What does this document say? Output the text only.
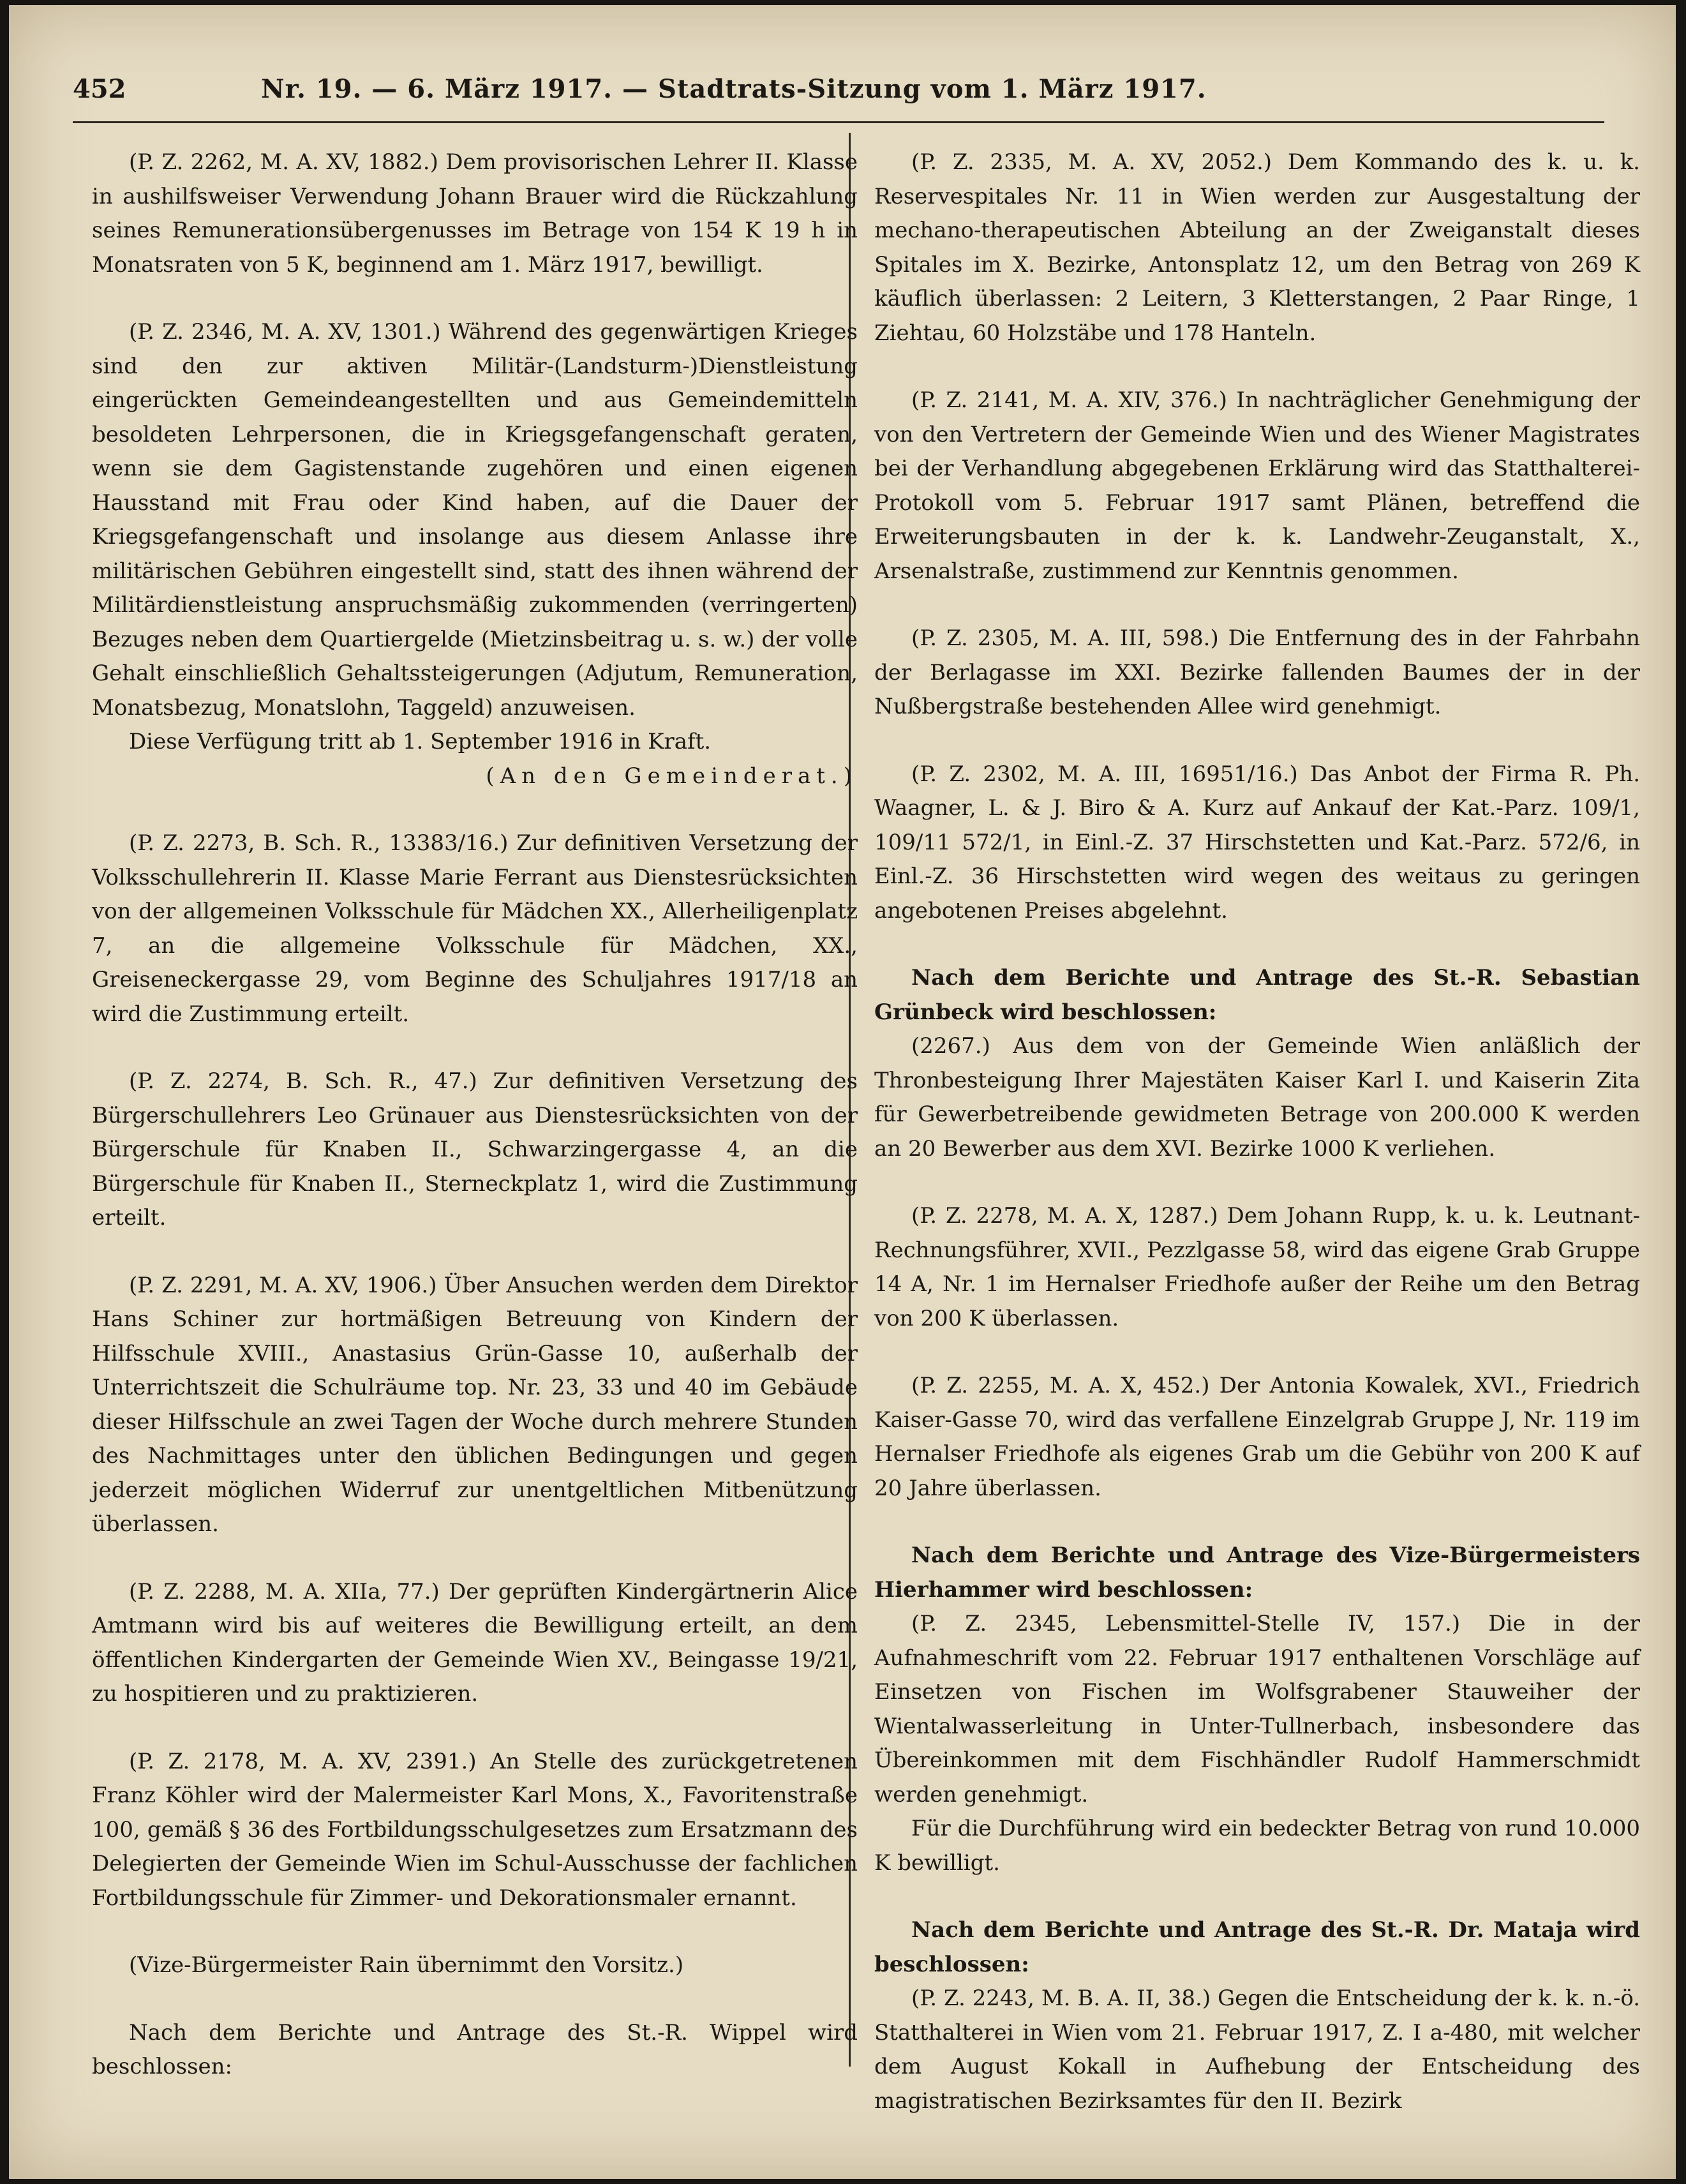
452	Nr. 19. — 6. März 1917. — Stadtrats-Sitzung vom 1. März 1917.

(P. Z. 2262, M. A. XV, 1882.) Dem provisorischen Lehrer II. Klasse in aushilfsweiser Verwendung Johann Brauer wird die Rückzahlung seines Remunerationsübergenusses im Betrage von 154 K 19 h in Monatsraten von 5 K, beginnend am 1. März 1917, bewilligt.

(P. Z. 2346, M. A. XV, 1301.) Während des gegenwärtigen Krieges sind den zur aktiven Militär-(Landsturm-)Dienstleistung eingerückten Gemeindeangestellten und aus Gemeindemitteln besoldeten Lehrpersonen, die in Kriegsgefangenschaft geraten, wenn sie dem Gagistenstande zugehören und einen eigenen Hausstand mit Frau oder Kind haben, auf die Dauer der Kriegsgefangenschaft und insolange aus diesem Anlasse ihre militärischen Gebühren eingestellt sind, statt des ihnen während der Militärdienstleistung anspruchsmäßig zukommenden (verringerten) Bezuges neben dem Quartiergelde (Mietzinsbeitrag u. s. w.) der volle Gehalt einschließlich Gehaltssteigerungen (Adjutum, Remuneration, Monatsbezug, Monatslohn, Taggeld) anzuweisen.

Diese Verfügung tritt ab 1. September 1916 in Kraft.

(An den Gemeinderat.)

(P. Z. 2273, B. Sch. R., 13383/16.) Zur definitiven Versetzung der Volksschullehrerin II. Klasse Marie Ferrant aus Dienstesrücksichten von der allgemeinen Volksschule für Mädchen XX., Allerheiligenplatz 7, an die allgemeine Volksschule für Mädchen, XX., Greiseneckergasse 29, vom Beginne des Schuljahres 1917/18 an wird die Zustimmung erteilt.

(P. Z. 2274, B. Sch. R., 47.) Zur definitiven Versetzung des Bürgerschullehrers Leo Grünauer aus Dienstesrücksichten von der Bürgerschule für Knaben II., Schwarzingergasse 4, an die Bürgerschule für Knaben II., Sterneckplatz 1, wird die Zustimmung erteilt.

(P. Z. 2291, M. A. XV, 1906.) Über Ansuchen werden dem Direktor Hans Schiner zur hortmäßigen Betreuung von Kindern der Hilfsschule XVIII., Anastasius Grün-Gasse 10, außerhalb der Unterrichtszeit die Schulräume top. Nr. 23, 33 und 40 im Gebäude dieser Hilfsschule an zwei Tagen der Woche durch mehrere Stunden des Nachmittages unter den üblichen Bedingungen und gegen jederzeit möglichen Widerruf zur unentgeltlichen Mitbenützung überlassen.

(P. Z. 2288, M. A. XIIa, 77.) Der geprüften Kindergärtnerin Alice Amtmann wird bis auf weiteres die Bewilligung erteilt, an dem öffentlichen Kindergarten der Gemeinde Wien XV., Beingasse 19/21, zu hospitieren und zu praktizieren.

(P. Z. 2178, M. A. XV, 2391.) An Stelle des zurückgetretenen Franz Köhler wird der Malermeister Karl Mons, X., Favoritenstraße 100, gemäß § 36 des Fortbildungsschulgesetzes zum Ersatzmann des Delegierten der Gemeinde Wien im Schul-Ausschusse der fachlichen Fortbildungsschule für Zimmer- und Dekorationsmaler ernannt.

(Vize-Bürgermeister Rain übernimmt den Vorsitz.)

Nach dem Berichte und Antrage des St.-R. Wippel wird beschlossen:

(P. Z. 2335, M. A. XV, 2052.) Dem Kommando des k. u. k. Reservespitales Nr. 11 in Wien werden zur Ausgestaltung der mechano-therapeutischen Abteilung an der Zweiganstalt dieses Spitales im X. Bezirke, Antonsplatz 12, um den Betrag von 269 K käuflich überlassen: 2 Leitern, 3 Kletterstangen, 2 Paar Ringe, 1 Ziehtau, 60 Holzstäbe und 178 Hanteln.

(P. Z. 2141, M. A. XIV, 376.) In nachträglicher Genehmigung der von den Vertretern der Gemeinde Wien und des Wiener Magistrates bei der Verhandlung abgegebenen Erklärung wird das Statthalterei-Protokoll vom 5. Februar 1917 samt Plänen, betreffend die Erweiterungsbauten in der k. k. Landwehr-Zeuganstalt, X., Arsenalstraße, zustimmend zur Kenntnis genommen.

(P. Z. 2305, M. A. III, 598.) Die Entfernung des in der Fahrbahn der Berlagasse im XXI. Bezirke fallenden Baumes der in der Nußbergstraße bestehenden Allee wird genehmigt.

(P. Z. 2302, M. A. III, 16951/16.) Das Anbot der Firma R. Ph. Waagner, L. & J. Biro & A. Kurz auf Ankauf der Kat.-Parz. 109/1, 109/11 572/1, in Einl.-Z. 37 Hirschstetten und Kat.-Parz. 572/6, in Einl.-Z. 36 Hirschstetten wird wegen des weitaus zu geringen angebotenen Preises abgelehnt.

Nach dem Berichte und Antrage des St.-R. Sebastian Grünbeck wird beschlossen:

(2267.) Aus dem von der Gemeinde Wien anläßlich der Thronbesteigung Ihrer Majestäten Kaiser Karl I. und Kaiserin Zita für Gewerbetreibende gewidmeten Betrage von 200.000 K werden an 20 Bewerber aus dem XVI. Bezirke 1000 K verliehen.

(P. Z. 2278, M. A. X, 1287.) Dem Johann Rupp, k. u. k. Leutnant-Rechnungsführer, XVII., Pezzlgasse 58, wird das eigene Grab Gruppe 14 A, Nr. 1 im Hernalser Friedhofe außer der Reihe um den Betrag von 200 K überlassen.

(P. Z. 2255, M. A. X, 452.) Der Antonia Kowalek, XVI., Friedrich Kaiser-Gasse 70, wird das verfallene Einzelgrab Gruppe J, Nr. 119 im Hernalser Friedhofe als eigenes Grab um die Gebühr von 200 K auf 20 Jahre überlassen.

Nach dem Berichte und Antrage des Vize-Bürgermeisters Hierhammer wird beschlossen:

(P. Z. 2345, Lebensmittel-Stelle IV, 157.) Die in der Aufnahmeschrift vom 22. Februar 1917 enthaltenen Vorschläge auf Einsetzen von Fischen im Wolfsgrabener Stauweiher der Wientalwasserleitung in Unter-Tullnerbach, insbesondere das Übereinkommen mit dem Fischhändler Rudolf Hammerschmidt werden genehmigt.

Für die Durchführung wird ein bedeckter Betrag von rund 10.000 K bewilligt.

Nach dem Berichte und Antrage des St.-R. Dr. Mataja wird beschlossen:

(P. Z. 2243, M. B. A. II, 38.) Gegen die Entscheidung der k. k. n.-ö. Statthalterei in Wien vom 21. Februar 1917, Z. I a-480, mit welcher dem August Kokall in Aufhebung der Entscheidung des magistratischen Bezirksamtes für den II. Bezirk
